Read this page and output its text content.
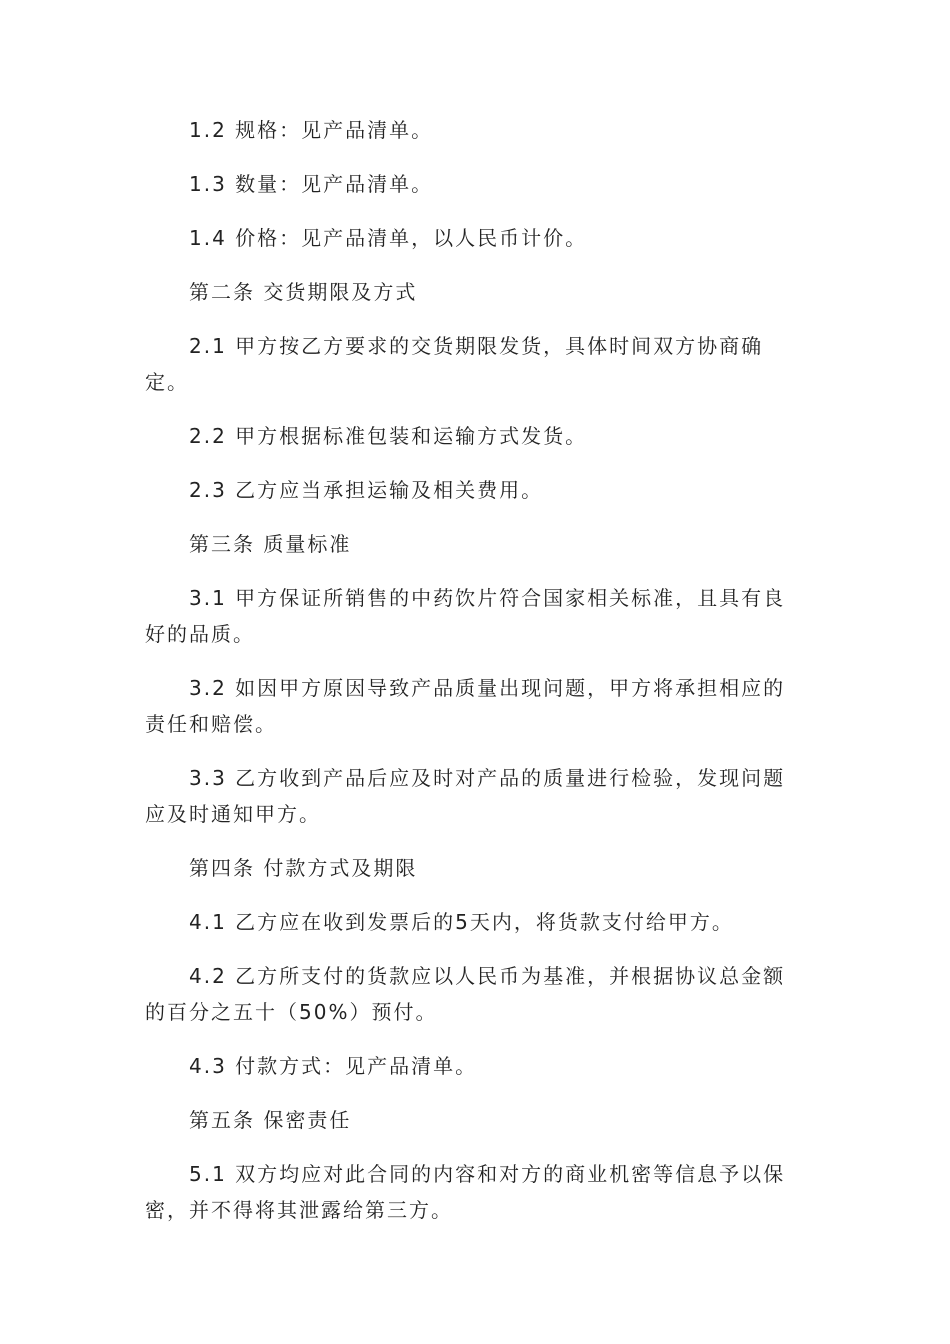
1.2 规格：见产品清单。

1.3 数量：见产品清单。

1.4 价格：见产品清单，以人民币计价。

第二条 交货期限及方式

2.1 甲方按乙方要求的交货期限发货，具体时间双方协商确定。

2.2 甲方根据标准包装和运输方式发货。

2.3 乙方应当承担运输及相关费用。

第三条 质量标准

3.1 甲方保证所销售的中药饮片符合国家相关标准，且具有良好的品质。

3.2 如因甲方原因导致产品质量出现问题，甲方将承担相应的责任和赔偿。

3.3 乙方收到产品后应及时对产品的质量进行检验，发现问题应及时通知甲方。

第四条 付款方式及期限

4.1 乙方应在收到发票后的5天内，将货款支付给甲方。

4.2 乙方所支付的货款应以人民币为基准，并根据协议总金额的百分之五十（50%）预付。

4.3 付款方式：见产品清单。

第五条 保密责任

5.1 双方均应对此合同的内容和对方的商业机密等信息予以保密，并不得将其泄露给第三方。
